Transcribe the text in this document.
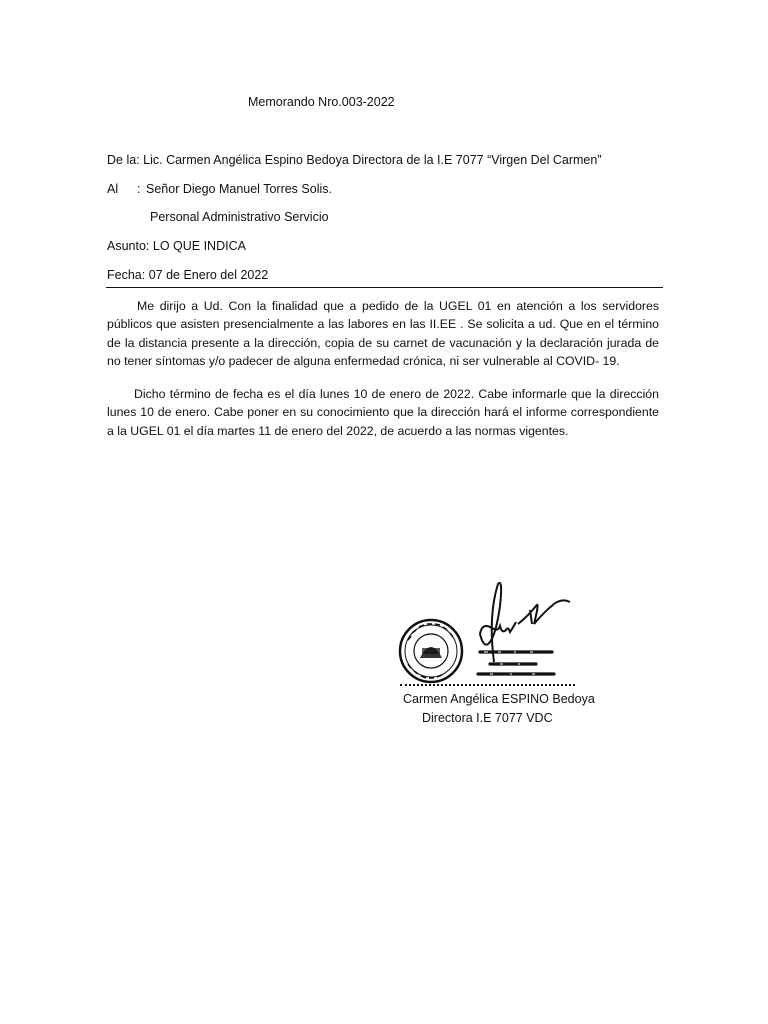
Memorando Nro.003-2022
De la: Lic. Carmen Angélica Espino Bedoya Directora de la I.E 7077 “Virgen Del Carmen”
Al : Señor Diego Manuel Torres Solis.
Personal Administrativo Servicio
Asunto: LO QUE INDICA
Fecha: 07 de Enero del 2022
Me dirijo a Ud. Con la finalidad que a pedido de la UGEL 01 en atención a los servidores públicos que asisten presencialmente a las labores en las II.EE . Se solicita a ud. Que en el término de la distancia presente a la dirección, copia de su carnet de vacunación y la declaración jurada de no tener síntomas y/o padecer de alguna enfermedad crónica, ni ser vulnerable al COVID- 19.
Dicho término de fecha es el día lunes 10 de enero de 2022. Cabe informarle que la dirección lunes 10 de enero. Cabe poner en su conocimiento que la dirección hará el informe correspondiente a la UGEL 01 el día martes 11 de enero del 2022, de acuerdo a las normas vigentes.
Carmen Angélica ESPINO Bedoya
Directora I.E 7077 VDC
